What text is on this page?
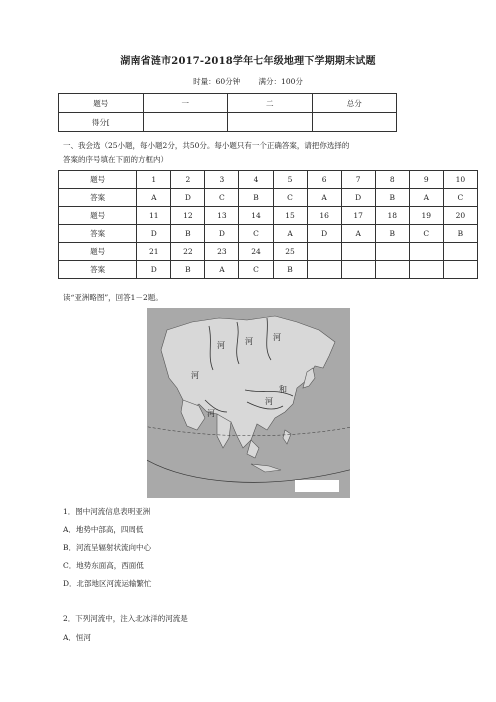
湖南省涟市2017-2018学年七年级地理下学期期末试题
时量：60分钟 满分：100分
题号	一	二	总分
得分[			
一、我会选（25小题，每小题2分，共50分。每小题只有一个正确答案，请把你选择的
答案的序号填在下面的方框内）
题号	1	2	3	4	5	6	7	8	9	10
答案	A	D	C	B	C	A	D	B	A	C
题号	11	12	13	14	15	16	17	18	19	20
答案	D	B	D	C	A	D	A	B	C	B
题号	21	22	23	24	25					
答案	D	B	A	C	B					
读“亚洲略图”，回答1－2题。
河	河	河
河
河
河
和
1．图中河流信息表明亚洲
A．地势中部高，四周低
B．河流呈辐射状流向中心
C．地势东面高，西面低
D．北部地区河流运输繁忙
2．下列河流中，注入北冰洋的河流是
A．恒河
